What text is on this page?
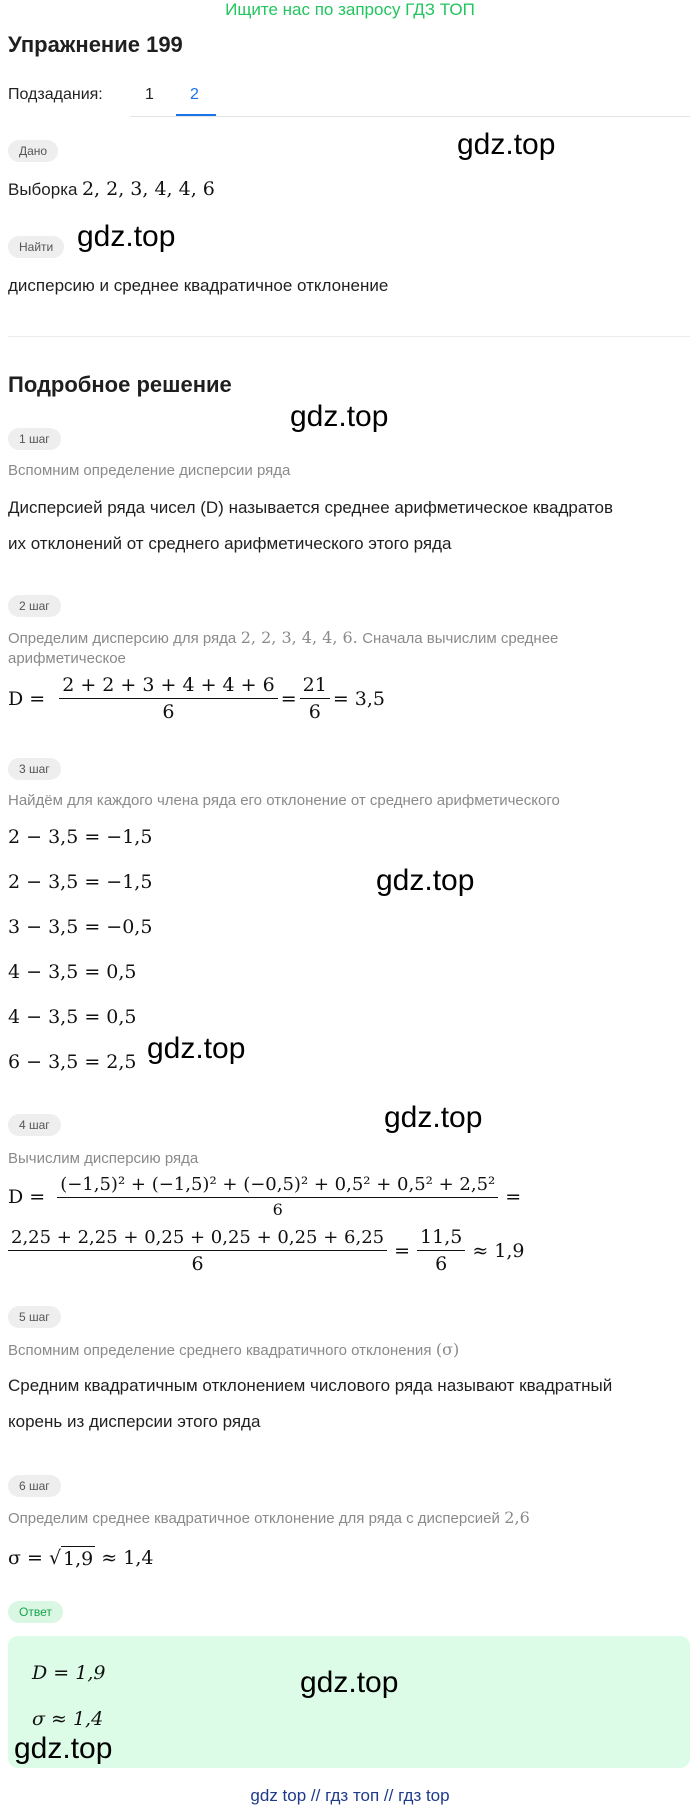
Ищите нас по запросу ГДЗ ТОП
Упражнение 199
Подзадания:	1 2
Дано	gdz.top
Выборка 2, 2, 3, 4, 4, 6
Найти gdz.top
дисперсию и среднее квадратичное отклонение
Подробное решение
gdz.top
1 шаг
Вспомним определение дисперсии ряда
Дисперсией ряда чисел (D) называется среднее арифметическое квадратов
их отклонений от среднего арифметического этого ряда
2 шаг
Определим дисперсию для ряда 2, 2, 3, 4, 4, 6. Сначала вычислим среднее
арифметическое
$D = \frac{2 + 2 + 3 + 4 + 4 + 6}{6} = \frac{21}{6} = 3,5$
3 шаг
Найдём для каждого члена ряда его отклонение от среднего арифметического
2 − 3,5 = −1,5
2 − 3,5 = −1,5
3 − 3,5 = −0,5
4 − 3,5 = 0,5
4 − 3,5 = 0,5
6 − 3,5 = 2,5
gdz.top
gdz.top
gdz.top
4 шаг
Вычислим дисперсию ряда
$D = \frac{\text{(−1,5)² + (−1,5)² + (−0,5)² + 0,5² + 0,5² + 2,5²}}{6}$ =
$\frac{2,25 + 2,25 + 0,25 + 0,25 + 0,25 + 6,25}{6} = \frac{11,5}{6} \approx 1,9$
5 шаг
Вспомним определение среднего квадратичного отклонения (σ)
Средним квадратичным отклонением числового ряда называют квадратный
корень из дисперсии этого ряда
6 шаг
Определим среднее квадратичное отклонение для ряда с дисперсией 2,6
σ = √ 1,9 ≈ 1,4
Ответ
D = 1,9
σ ≈ 1,4
gdz.top
gdz.top
gdz top // гдз топ // гдз top
